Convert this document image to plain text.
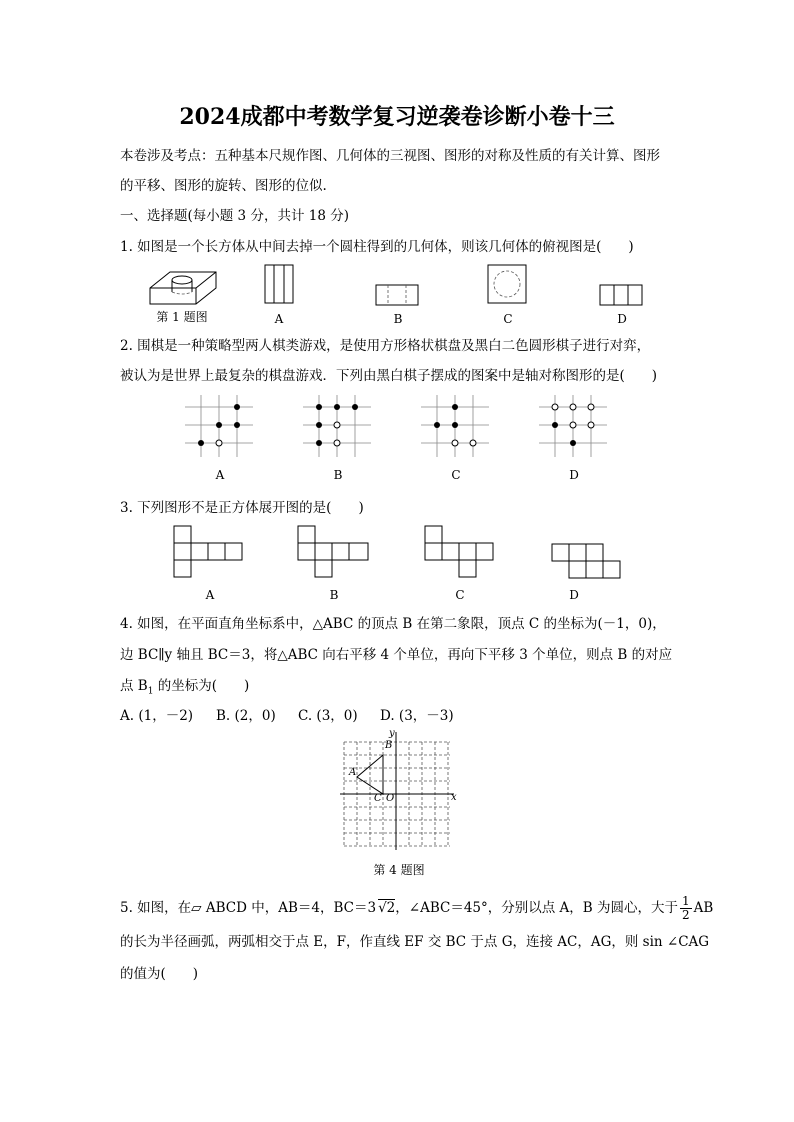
2024成都中考数学复习逆袭卷诊断小卷十三
本卷涉及考点：五种基本尺规作图、几何体的三视图、图形的对称及性质的有关计算、图形
的平移、图形的旋转、图形的位似.
一、选择题(每小题 3 分，共计 18 分)
1. 如图是一个长方体从中间去掉一个圆柱得到的几何体，则该几何体的俯视图是(　　)
第 1 题图	A	B	C	D
2. 围棋是一种策略型两人棋类游戏，是使用方形格状棋盘及黑白二色圆形棋子进行对弈，
被认为是世界上最复杂的棋盘游戏．下列由黑白棋子摆成的图案中是轴对称图形的是(　　)
A	B	C	D
3. 下列图形不是正方体展开图的是(　　)
A	B	C	D
4. 如图，在平面直角坐标系中，△ABC 的顶点 B 在第二象限，顶点 C 的坐标为(－1，0)，
边 BC∥y 轴且 BC＝3，将△ABC 向右平移 4 个单位，再向下平移 3 个单位，则点 B 的对应
点 $B_1$ 的坐标为(　　)
A. (1，－2) B. (2，0) C. (3，0) D. (3，－3)
B
A
C O	x
y
第 4 题图
5. 如图，在▱ ABCD 中，AB＝4，BC＝3 √2，∠ABC＝45°，分别以点 A，B 为圆心，大于 $\frac{1}{2}$ AB
的长为半径画弧，两弧相交于点 E，F，作直线 EF 交 BC 于点 G，连接 AC，AG，则 sin ∠CAG
的值为(　　)
